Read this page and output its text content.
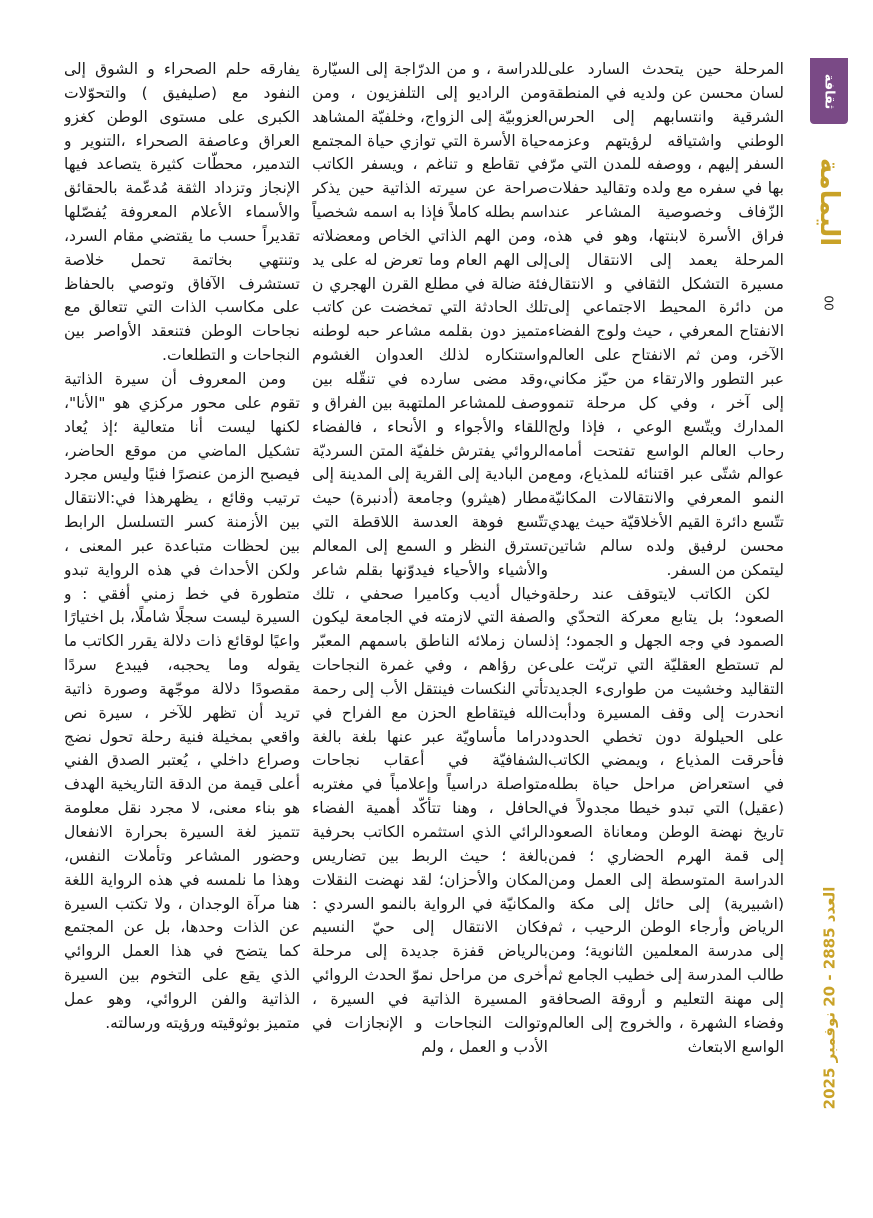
ثقافة
اليمامة
00
العدد 2885 - 20 نوفمبر 2025

المرحلة حين يتحدث السارد على لسان محسن عن ولديه في المنطقة الشرقية وانتسابهم إلى الحرس الوطني واشتياقه لرؤيتهم وعزمه السفر إليهم ، ووصفه للمدن التي مرّ بها في سفره مع ولده وتقاليد حفلات الزّفاف وخصوصية المشاعر عند فراق الأسرة لابنتها، وهو في هذه المرحلة يعمد إلى الانتقال إلى مسيرة التشكل الثقافي و الانتقال من دائرة المحيط الاجتماعي إلى الانفتاح المعرفي ، حيث ولوج الفضاء الآخر، ومن ثم الانفتاح على العالم عبر التطور والارتقاء من حيّز مكاني إلى آخر ، وفي كل مرحلة تنمو المدارك ويتّسع الوعي ، فإذا ولج رحاب العالم الواسع تفتحت أمامه عوالم شتّى عبر اقتنائه للمذياع، ومع النمو المعرفي والانتقالات المكانيّة تتّسع دائرة القيم الأخلاقيّة حيث يهدي محسن لرفيق ولده سالم شاتين ليتمكن من السفر.

لكن الكاتب لايتوقف عند رحلة الصعود؛ بل يتابع معركة التحدّي و الصمود في وجه الجهل و الجمود؛ إذ لم تستطع العقليّة التي تربّت على التقاليد وخشيت من طوارىء الجديد انحدرت إلى وقف المسيرة ودأبت على الحيلولة دون تخطي الحدود فأحرقت المذياع ، ويمضي الكاتب في استعراض مراحل حياة بطله (عقيل) التي تبدو خيطا مجدولاً في تاريخ نهضة الوطن ومعاناة الصعود إلى قمة الهرم الحضاري ؛ فمن الدراسة المتوسطة إلى العمل ومن (اشبيرية) إلى حائل إلى مكة و الرياض وأرجاء الوطن الرحيب ، ثم إلى مدرسة المعلمين الثانوية؛ ومن طالب المدرسة إلى خطيب الجامع ثم إلى مهنة التعليم و أروقة الصحافة وفضاء الشهرة ، والخروج إلى العالم الواسع الابتعاث

للدراسة ، و من الدرّاجة إلى السيّارة ومن الراديو إلى التلفزيون ، ومن العزوبيّة إلى الزواج، وخلفيّة المشاهد حياة الأسرة التي توازي حياة المجتمع في تقاطع و تناغم ، ويسفر الكاتب صراحة عن سيرته الذاتية حين يذكر اسم بطله كاملاً فإذا به اسمه شخصياً ، ومن الهم الذاتي الخاص ومعضلاته إلى الهم العام وما تعرض له على يد فئة ضالة في مطلع القرن الهجري ن تلك الحادثة التي تمخضت عن كاتب متميز دون بقلمه مشاعر حبه لوطنه واستنكاره لذلك العدوان الغشوم ،وقد مضى سارده في تنقّله بين وصف للمشاعر الملتهبة بين الفراق و اللقاء والأجواء و الأنحاء ، فالفضاء الروائي يفترش خلفيّة المتن السرديّة من البادية إلى القرية إلى المدينة إلى مطار (هيثرو) وجامعة (أدنبرة) حيث تتّسع فوهة العدسة اللاقطة التي تسترق النظر و السمع إلى المعالم والأشياء والأحياء فيدوّنها بقلم شاعر وخيال أديب وكاميرا صحفي ، تلك الصفة التي لازمته في الجامعة ليكون لسان زملائه الناطق باسمهم المعبّر عن رؤاهم ، وفي غمرة النجاحات تأتي النكسات فينتقل الأب إلى رحمة الله فيتقاطع الحزن مع الفراح في دراما مأساويّة عبر عنها بلغة بالغة الشفافيّة في أعقاب نجاحات متواصلة دراسياً وإعلامياً في مغتربه الحافل ، وهنا تتأكّد أهمية الفضاء الرائي الذي استثمره الكاتب بحرفية بالغة ؛ حيث الربط بين تضاريس المكان والأحزان؛ لقد نهضت النقلات المكانيّة في الرواية بالنمو السردي : فكان الانتقال إلى حيّ النسيم بالرياض قفزة جديدة إلى مرحلة أخرى من مراحل نموّ الحدث الروائي و المسيرة الذاتية في السيرة ، وتوالت النجاحات و الإنجازات في الأدب و العمل ، ولم

يفارقه حلم الصحراء و الشوق إلى النفود مع (صليفيق ) والتحوّلات الكبرى على مستوى الوطن كغزو العراق وعاصفة الصحراء ،التنوير و التدمير، محطّات كثيرة يتصاعد فيها الإنجاز وتزداد الثقة مُدعّمة بالحقائق والأسماء الأعلام المعروفة يُفصّلها تقديراً حسب ما يقتضي مقام السرد، وتنتهي بخاتمة تحمل خلاصة تستشرف الآفاق وتوصي بالحفاظ على مكاسب الذات التي تتعالق مع نجاحات الوطن فتنعقد الأواصر بين النجاحات و التطلعات.

ومن المعروف أن سيرة الذاتية تقوم على محور مركزي هو "الأنا"، لكنها ليست أنا متعالية ؛إذ يُعاد تشكيل الماضي من موقع الحاضر، فيصبح الزمن عنصرًا فنيًا وليس مجرد ترتيب وقائع ، يظهرهذا في:الانتقال بين الأزمنة كسر التسلسل الرابط بين لحظات متباعدة عبر المعنى ، ولكن الأحداث في هذه الرواية تبدو متطورة في خط زمني أفقي : و السيرة ليست سجلًا شاملًا، بل اختيارًا واعيًا لوقائع ذات دلالة يقرر الكاتب ما يقوله وما يحجبه، فيبدع سردًا مقصودًا دلالة موجّهة وصورة ذاتية تريد أن تظهر للآخر ، سيرة نص واقعي بمخيلة فنية رحلة تحول نضج وصراع داخلي ، يُعتبر الصدق الفني أعلى قيمة من الدقة التاريخية الهدف هو بناء معنى، لا مجرد نقل معلومة تتميز لغة السيرة بحرارة الانفعال وحضور المشاعر وتأملات النفس، وهذا ما نلمسه في هذه الرواية اللغة هنا مرآة الوجدان ، ولا تكتب السيرة عن الذات وحدها، بل عن المجتمع كما يتضح في هذا العمل الروائي الذي يقع على التخوم بين السيرة الذاتية والفن الروائي، وهو عمل متميز بوثوقيته ورؤيته ورسالته.
